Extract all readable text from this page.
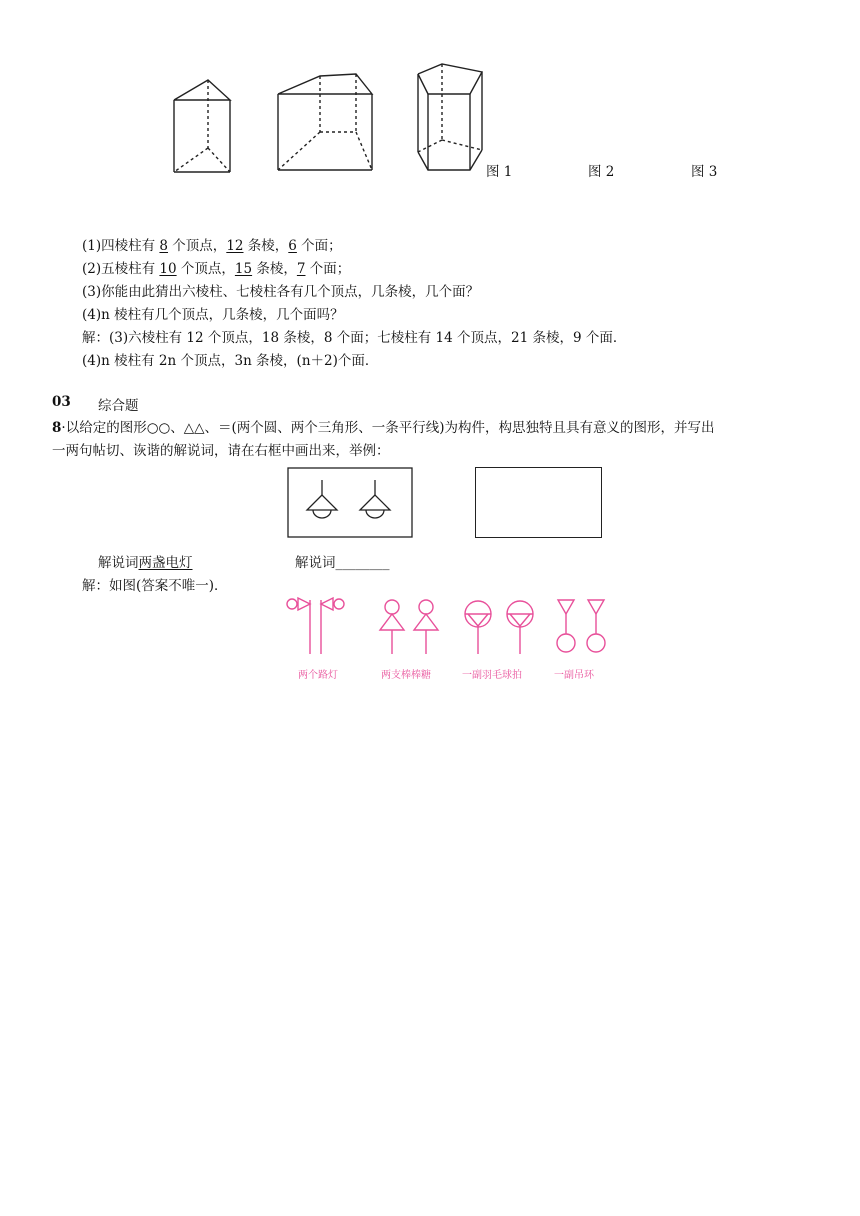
图 1	图 2	图 3
(1)四棱柱有 8 个顶点，12 条棱，6 个面；
(2)五棱柱有 10 个顶点，15 条棱，7 个面；
(3)你能由此猜出六棱柱、七棱柱各有几个顶点，几条棱，几个面？
(4)n 棱柱有几个顶点，几条棱，几个面吗？
解：(3)六棱柱有 12 个顶点，18 条棱，8 个面；七棱柱有 14 个顶点，21 条棱，9 个面．
(4)n 棱柱有 2n 个顶点，3n 条棱，(n＋2)个面．
03 综合题
8·以给定的图形○○、△△、＝(两个圆、两个三角形、一条平行线)为构件，构思独特且具有意义的图形，并写出
一两句帖切、诙谐的解说词，请在右框中画出来，举例：
解说词两盏电灯	解说词________
解：如图(答案不唯一)．
两个路灯	两支棒棒糖	一副羽毛球拍	一副吊环
